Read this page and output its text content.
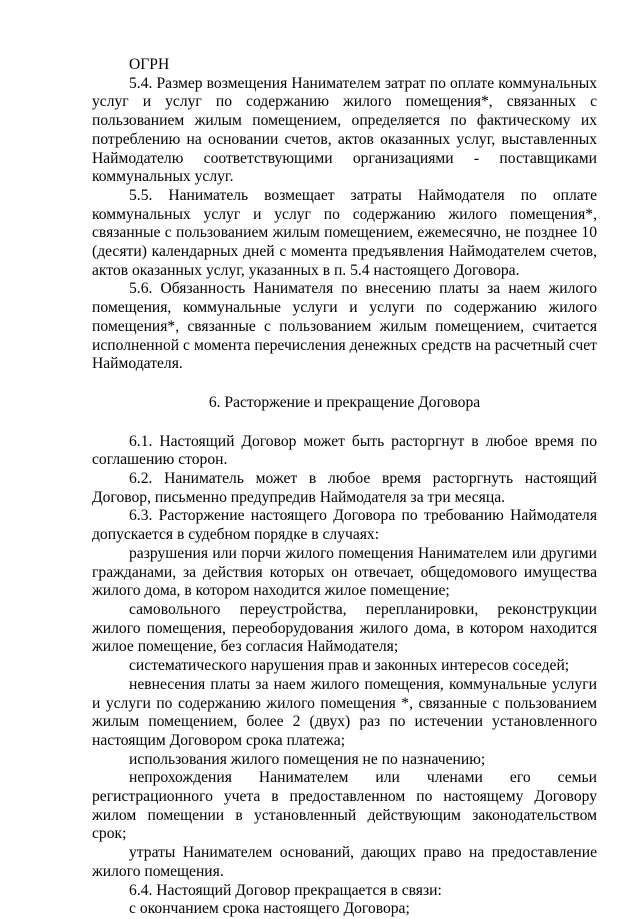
ОГРН

5.4. Размер возмещения Нанимателем затрат по оплате коммунальных услуг и услуг по содержанию жилого помещения*, связанных с пользованием жилым помещением, определяется по фактическому их потреблению на основании счетов, актов оказанных услуг, выставленных Наймодателю соответствующими организациями - поставщиками коммунальных услуг.

5.5. Наниматель возмещает затраты Наймодателя по оплате коммунальных услуг и услуг по содержанию жилого помещения*, связанные с пользованием жилым помещением, ежемесячно, не позднее 10 (десяти) календарных дней с момента предъявления Наймодателем счетов, актов оказанных услуг, указанных в п. 5.4 настоящего Договора.

5.6. Обязанность Нанимателя по внесению платы за наем жилого помещения, коммунальные услуги и услуги по содержанию жилого помещения*, связанные с пользованием жилым помещением, считается исполненной с момента перечисления денежных средств на расчетный счет Наймодателя.

6. Расторжение и прекращение Договора

6.1. Настоящий Договор может быть расторгнут в любое время по соглашению сторон.

6.2. Наниматель может в любое время расторгнуть настоящий Договор, письменно предупредив Наймодателя за три месяца.

6.3. Расторжение настоящего Договора по требованию Наймодателя допускается в судебном порядке в случаях:

разрушения или порчи жилого помещения Нанимателем или другими гражданами, за действия которых он отвечает, общедомового имущества жилого дома, в котором находится жилое помещение;

самовольного переустройства, перепланировки, реконструкции жилого помещения, переоборудования жилого дома, в котором находится жилое помещение, без согласия Наймодателя;

систематического нарушения прав и законных интересов соседей;

невнесения платы за наем жилого помещения, коммунальные услуги и услуги по содержанию жилого помещения *, связанные с пользованием жилым помещением, более 2 (двух) раз по истечении установленного настоящим Договором срока платежа;

использования жилого помещения не по назначению;

непрохождения Нанимателем или членами его семьи регистрационного учета в предоставленном по настоящему Договору жилом помещении в установленный действующим законодательством срок;

утраты Нанимателем оснований, дающих право на предоставление жилого помещения.

6.4. Настоящий Договор прекращается в связи:

с окончанием срока настоящего Договора;
